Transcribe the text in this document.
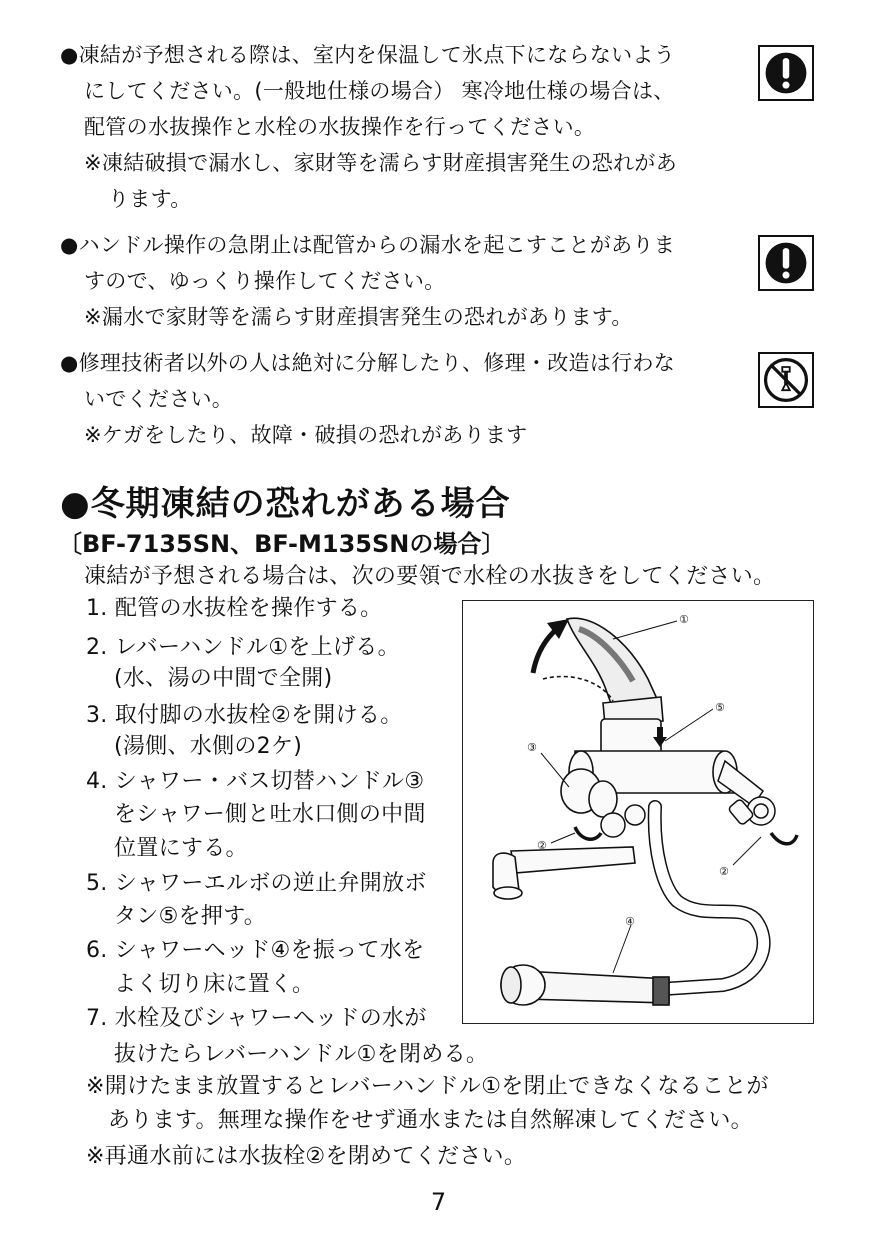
●凍結が予想される際は、室内を保温して氷点下にならないよう
にしてください。(一般地仕様の場合） 寒冷地仕様の場合は、
配管の水抜操作と水栓の水抜操作を行ってください。
※凍結破損で漏水し、家財等を濡らす財産損害発生の恐れがあ
ります。
●ハンドル操作の急閉止は配管からの漏水を起こすことがありま
すので、ゆっくり操作してください。
※漏水で家財等を濡らす財産損害発生の恐れがあります。
●修理技術者以外の人は絶対に分解したり、修理・改造は行わな
いでください。
※ケガをしたり、故障・破損の恐れがあります
●冬期凍結の恐れがある場合
〔BF-7135SN、BF-M135SNの場合〕
凍結が予想される場合は、次の要領で水栓の水抜きをしてください。
1. 配管の水抜栓を操作する。
2. レバーハンドル①を上げる。
(水、湯の中間で全開)
3. 取付脚の水抜栓②を開ける。
(湯側、水側の2ケ)
4. シャワー・バス切替ハンドル③
をシャワー側と吐水口側の中間
位置にする。
5. シャワーエルボの逆止弁開放ボ
タン⑤を押す。
6. シャワーヘッド④を振って水を
よく切り床に置く。
7. 水栓及びシャワーヘッドの水が
抜けたらレバーハンドル①を閉める。
※開けたまま放置するとレバーハンドル①を閉止できなくなることが
あります。無理な操作をせず通水または自然解凍してください。
※再通水前には水抜栓②を閉めてください。
①
⑤
③
②
②
④
7
